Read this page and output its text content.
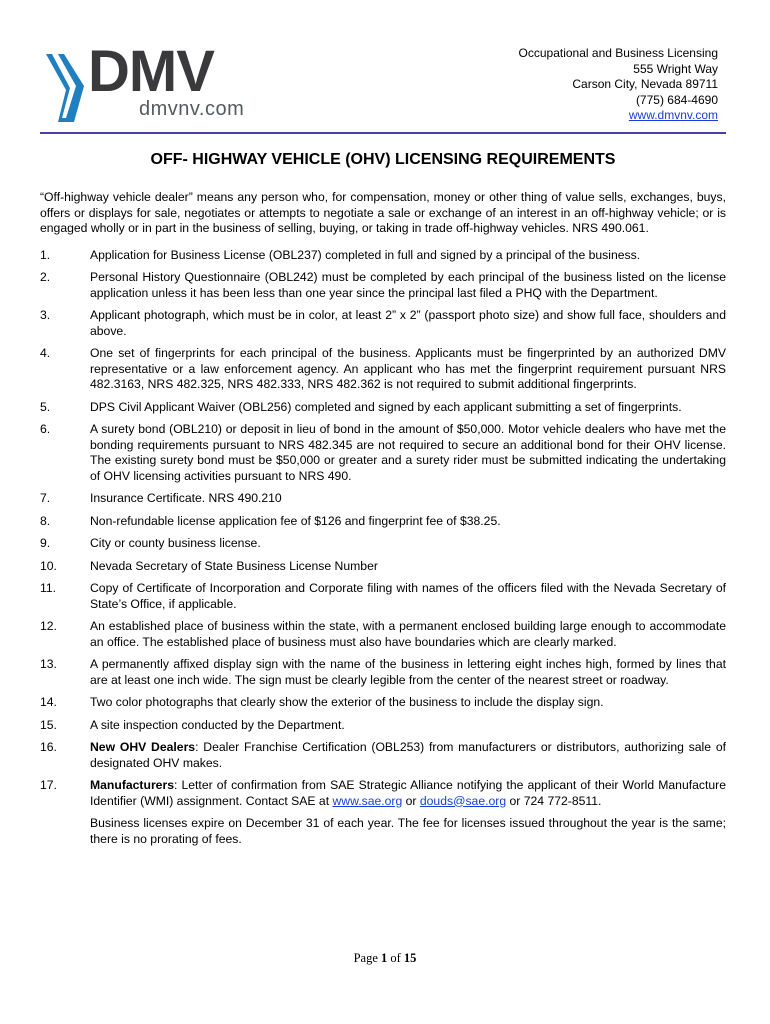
DMV
dmvnv.com
Occupational and Business Licensing
555 Wright Way
Carson City, Nevada 89711
(775) 684-4690
www.dmvnv.com
OFF- HIGHWAY VEHICLE (OHV) LICENSING REQUIREMENTS

“Off-highway vehicle dealer” means any person who, for compensation, money or other thing of value sells, exchanges, buys, offers or displays for sale, negotiates or attempts to negotiate a sale or exchange of an interest in an off-highway vehicle; or is engaged wholly or in part in the business of selling, buying, or taking in trade off-highway vehicles. NRS 490.061.

1.	Application for Business License (OBL237) completed in full and signed by a principal of the business.
2.	Personal History Questionnaire (OBL242) must be completed by each principal of the business listed on the license application unless it has been less than one year since the principal last filed a PHQ with the Department.
3.	Applicant photograph, which must be in color, at least 2” x 2” (passport photo size) and show full face, shoulders and above.
4.	One set of fingerprints for each principal of the business. Applicants must be fingerprinted by an authorized DMV representative or a law enforcement agency. An applicant who has met the fingerprint requirement pursuant NRS 482.3163, NRS 482.325, NRS 482.333, NRS 482.362 is not required to submit additional fingerprints.
5.	DPS Civil Applicant Waiver (OBL256) completed and signed by each applicant submitting a set of fingerprints.
6.	A surety bond (OBL210) or deposit in lieu of bond in the amount of $50,000. Motor vehicle dealers who have met the bonding requirements pursuant to NRS 482.345 are not required to secure an additional bond for their OHV license. The existing surety bond must be $50,000 or greater and a surety rider must be submitted indicating the undertaking of OHV licensing activities pursuant to NRS 490.
7.	Insurance Certificate. NRS 490.210
8.	Non-refundable license application fee of $126 and fingerprint fee of $38.25.
9.	City or county business license.
10.	Nevada Secretary of State Business License Number
11.	Copy of Certificate of Incorporation and Corporate filing with names of the officers filed with the Nevada Secretary of State’s Office, if applicable.
12.	An established place of business within the state, with a permanent enclosed building large enough to accommodate an office. The established place of business must also have boundaries which are clearly marked.
13.	A permanently affixed display sign with the name of the business in lettering eight inches high, formed by lines that are at least one inch wide. The sign must be clearly legible from the center of the nearest street or roadway.
14.	Two color photographs that clearly show the exterior of the business to include the display sign.
15.	A site inspection conducted by the Department.
16.	New OHV Dealers: Dealer Franchise Certification (OBL253) from manufacturers or distributors, authorizing sale of designated OHV makes.
17.	Manufacturers: Letter of confirmation from SAE Strategic Alliance notifying the applicant of their World Manufacture Identifier (WMI) assignment. Contact SAE at www.sae.org or douds@sae.org or 724 772-8511.

Business licenses expire on December 31 of each year. The fee for licenses issued throughout the year is the same; there is no prorating of fees.

Page 1 of 15
